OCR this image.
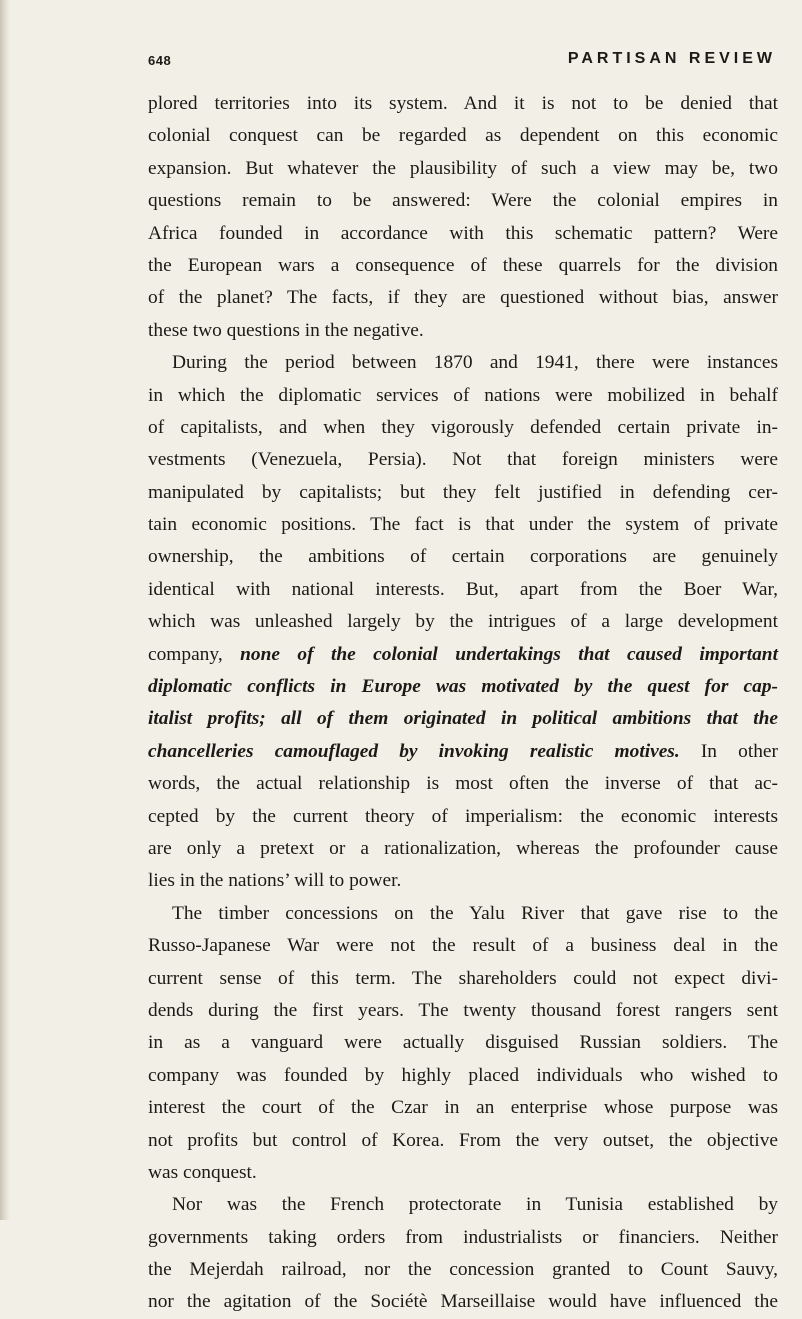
648	PARTISAN REVIEW
plored territories into its system. And it is not to be denied that
colonial conquest can be regarded as dependent on this economic
expansion. But whatever the plausibility of such a view may be, two
questions remain to be answered: Were the colonial empires in
Africa founded in accordance with this schematic pattern? Were
the European wars a consequence of these quarrels for the division
of the planet? The facts, if they are questioned without bias, answer
these two questions in the negative.
During the period between 1870 and 1941, there were instances
in which the diplomatic services of nations were mobilized in behalf
of capitalists, and when they vigorously defended certain private in-
vestments (Venezuela, Persia). Not that foreign ministers were
manipulated by capitalists; but they felt justified in defending cer-
tain economic positions. The fact is that under the system of private
ownership, the ambitions of certain corporations are genuinely
identical with national interests. But, apart from the Boer War,
which was unleashed largely by the intrigues of a large development
company, none of the colonial undertakings that caused important
diplomatic conflicts in Europe was motivated by the quest for cap-
italist profits; all of them originated in political ambitions that the
chancelleries camouflaged by invoking realistic motives. In other
words, the actual relationship is most often the inverse of that ac-
cepted by the current theory of imperialism: the economic interests
are only a pretext or a rationalization, whereas the profounder cause
lies in the nations’ will to power.
The timber concessions on the Yalu River that gave rise to the
Russo-Japanese War were not the result of a business deal in the
current sense of this term. The shareholders could not expect divi-
dends during the first years. The twenty thousand forest rangers sent
in as a vanguard were actually disguised Russian soldiers. The
company was founded by highly placed individuals who wished to
interest the court of the Czar in an enterprise whose purpose was
not profits but control of Korea. From the very outset, the objective
was conquest.
Nor was the French protectorate in Tunisia established by
governments taking orders from industrialists or financiers. Neither
the Mejerdah railroad, nor the concession granted to Count Sauvy,
nor the agitation of the Sociétè Marseillaise would have influenced the
